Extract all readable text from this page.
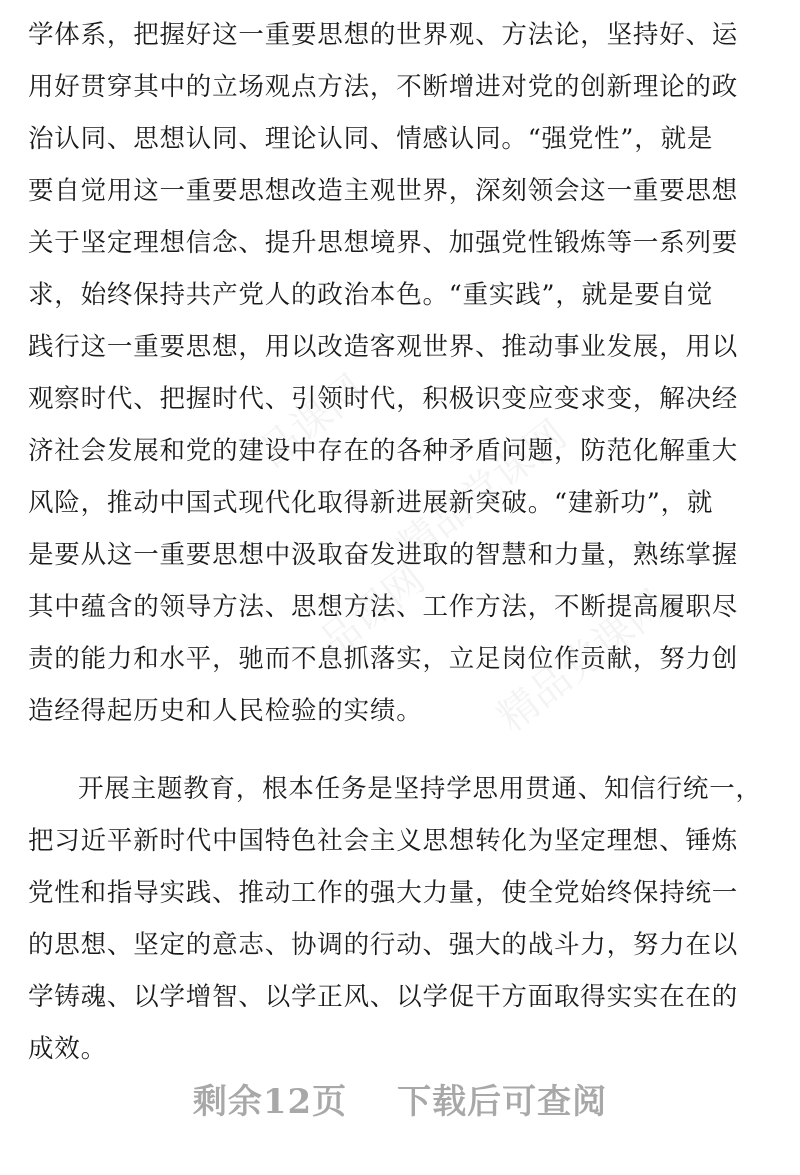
品课网 精品党课网
品课网 精品党课网
学体系，把握好这一重要思想的世界观、方法论，坚持好、运
用好贯穿其中的立场观点方法，不断增进对党的创新理论的政
治认同、思想认同、理论认同、情感认同。“强党性”，就是
要自觉用这一重要思想改造主观世界，深刻领会这一重要思想
关于坚定理想信念、提升思想境界、加强党性锻炼等一系列要
求，始终保持共产党人的政治本色。“重实践”，就是要自觉
践行这一重要思想，用以改造客观世界、推动事业发展，用以
观察时代、把握时代、引领时代，积极识变应变求变，解决经
济社会发展和党的建设中存在的各种矛盾问题，防范化解重大
风险，推动中国式现代化取得新进展新突破。“建新功”，就
是要从这一重要思想中汲取奋发进取的智慧和力量，熟练掌握
其中蕴含的领导方法、思想方法、工作方法，不断提高履职尽
责的能力和水平，驰而不息抓落实，立足岗位作贡献，努力创
造经得起历史和人民检验的实绩。
开展主题教育，根本任务是坚持学思用贯通、知信行统一，
把习近平新时代中国特色社会主义思想转化为坚定理想、锤炼
党性和指导实践、推动工作的强大力量，使全党始终保持统一
的思想、坚定的意志、协调的行动、强大的战斗力，努力在以
学铸魂、以学增智、以学正风、以学促干方面取得实实在在的
成效。
剩余12页 下载后可查阅
